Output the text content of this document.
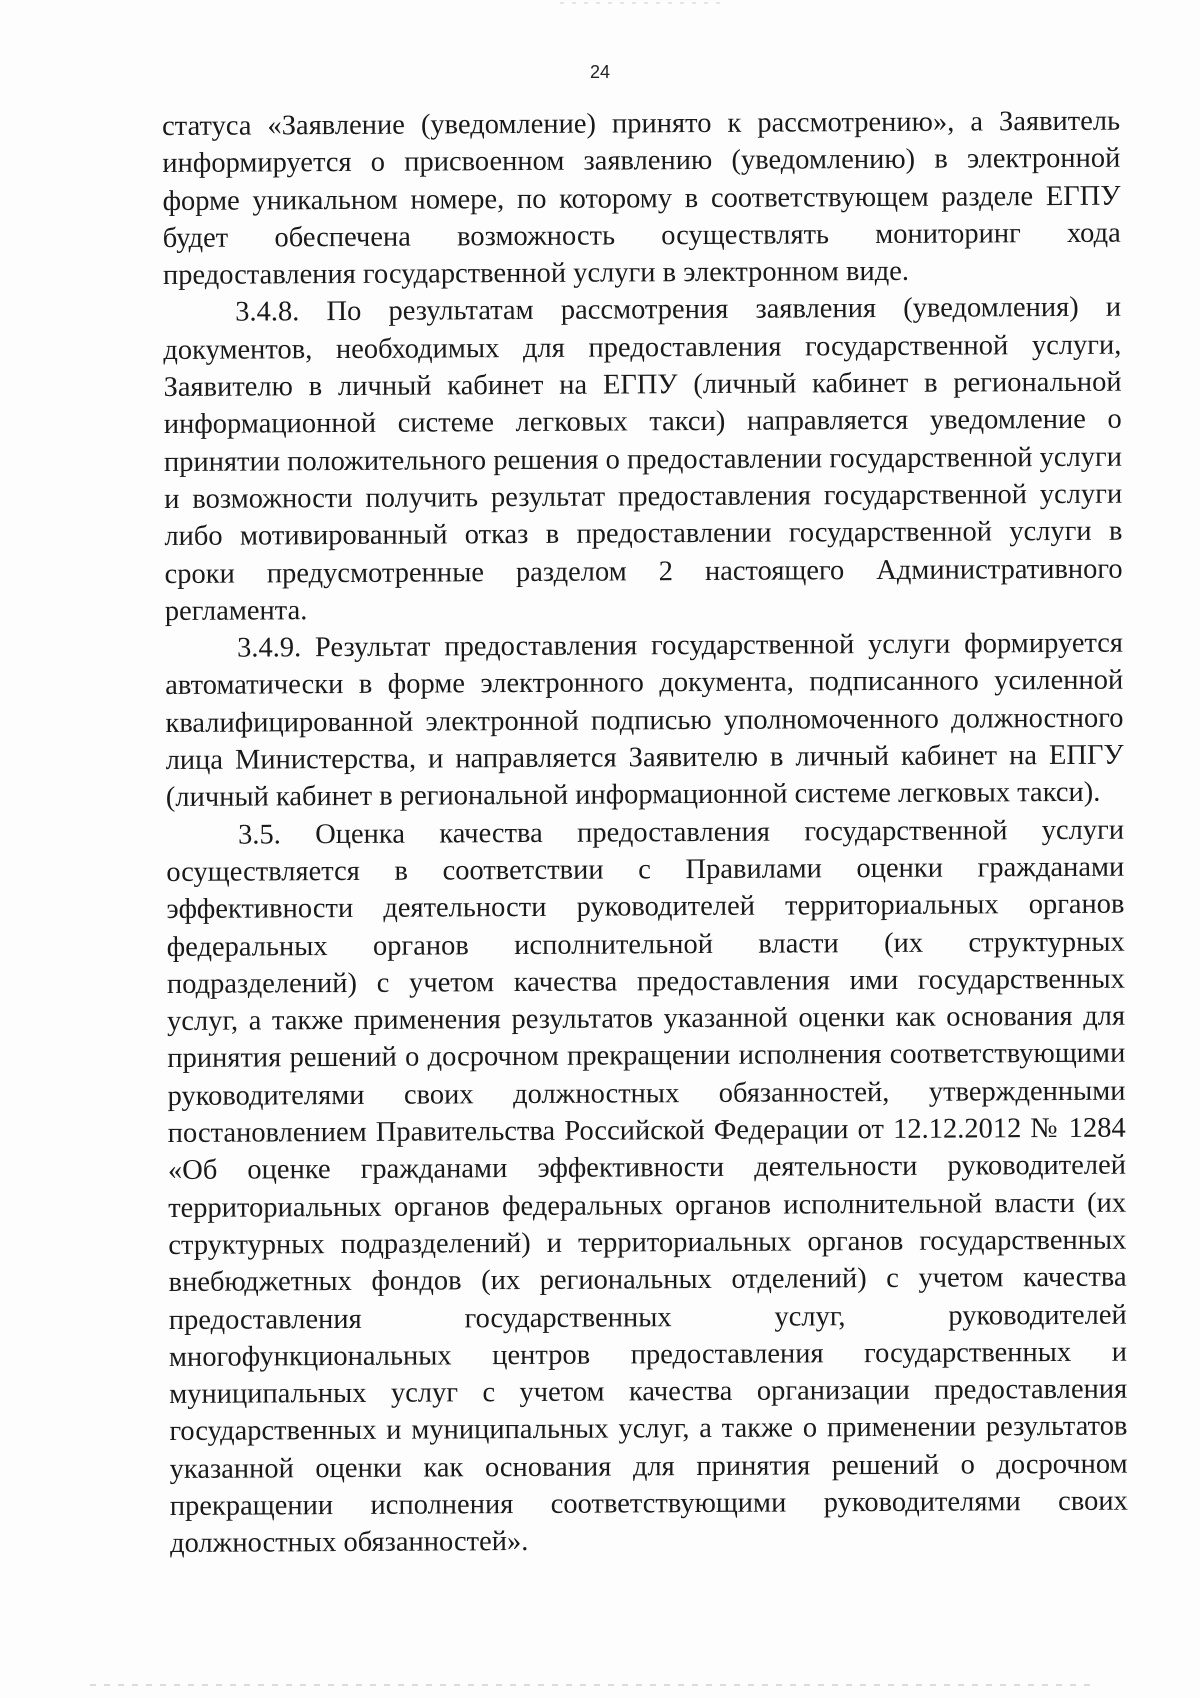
24

статуса «Заявление (уведомление) принято к рассмотрению», а Заявитель информируется о присвоенном заявлению (уведомлению) в электронной форме уникальном номере, по которому в соответствующем разделе ЕГПУ будет обеспечена возможность осуществлять мониторинг хода предоставления государственной услуги в электронном виде.

3.4.8. По результатам рассмотрения заявления (уведомления) и документов, необходимых для предоставления государственной услуги, Заявителю в личный кабинет на ЕГПУ (личный кабинет в региональной информационной системе легковых такси) направляется уведомление о принятии положительного решения о предоставлении государственной услуги и возможности получить результат предоставления государственной услуги либо мотивированный отказ в предоставлении государственной услуги в сроки предусмотренные разделом 2 настоящего Административного регламента.

3.4.9. Результат предоставления государственной услуги формируется автоматически в форме электронного документа, подписанного усиленной квалифицированной электронной подписью уполномоченного должностного лица Министерства, и направляется Заявителю в личный кабинет на ЕПГУ (личный кабинет в региональной информационной системе легковых такси).

3.5. Оценка качества предоставления государственной услуги осуществляется в соответствии с Правилами оценки гражданами эффективности деятельности руководителей территориальных органов федеральных органов исполнительной власти (их структурных подразделений) с учетом качества предоставления ими государственных услуг, а также применения результатов указанной оценки как основания для принятия решений о досрочном прекращении исполнения соответствующими руководителями своих должностных обязанностей, утвержденными постановлением Правительства Российской Федерации от 12.12.2012 № 1284 «Об оценке гражданами эффективности деятельности руководителей территориальных органов федеральных органов исполнительной власти (их структурных подразделений) и территориальных органов государственных внебюджетных фондов (их региональных отделений) с учетом качества предоставления государственных услуг, руководителей многофункциональных центров предоставления государственных и муниципальных услуг с учетом качества организации предоставления государственных и муниципальных услуг, а также о применении результатов указанной оценки как основания для принятия решений о досрочном прекращении исполнения соответствующими руководителями своих должностных обязанностей».
